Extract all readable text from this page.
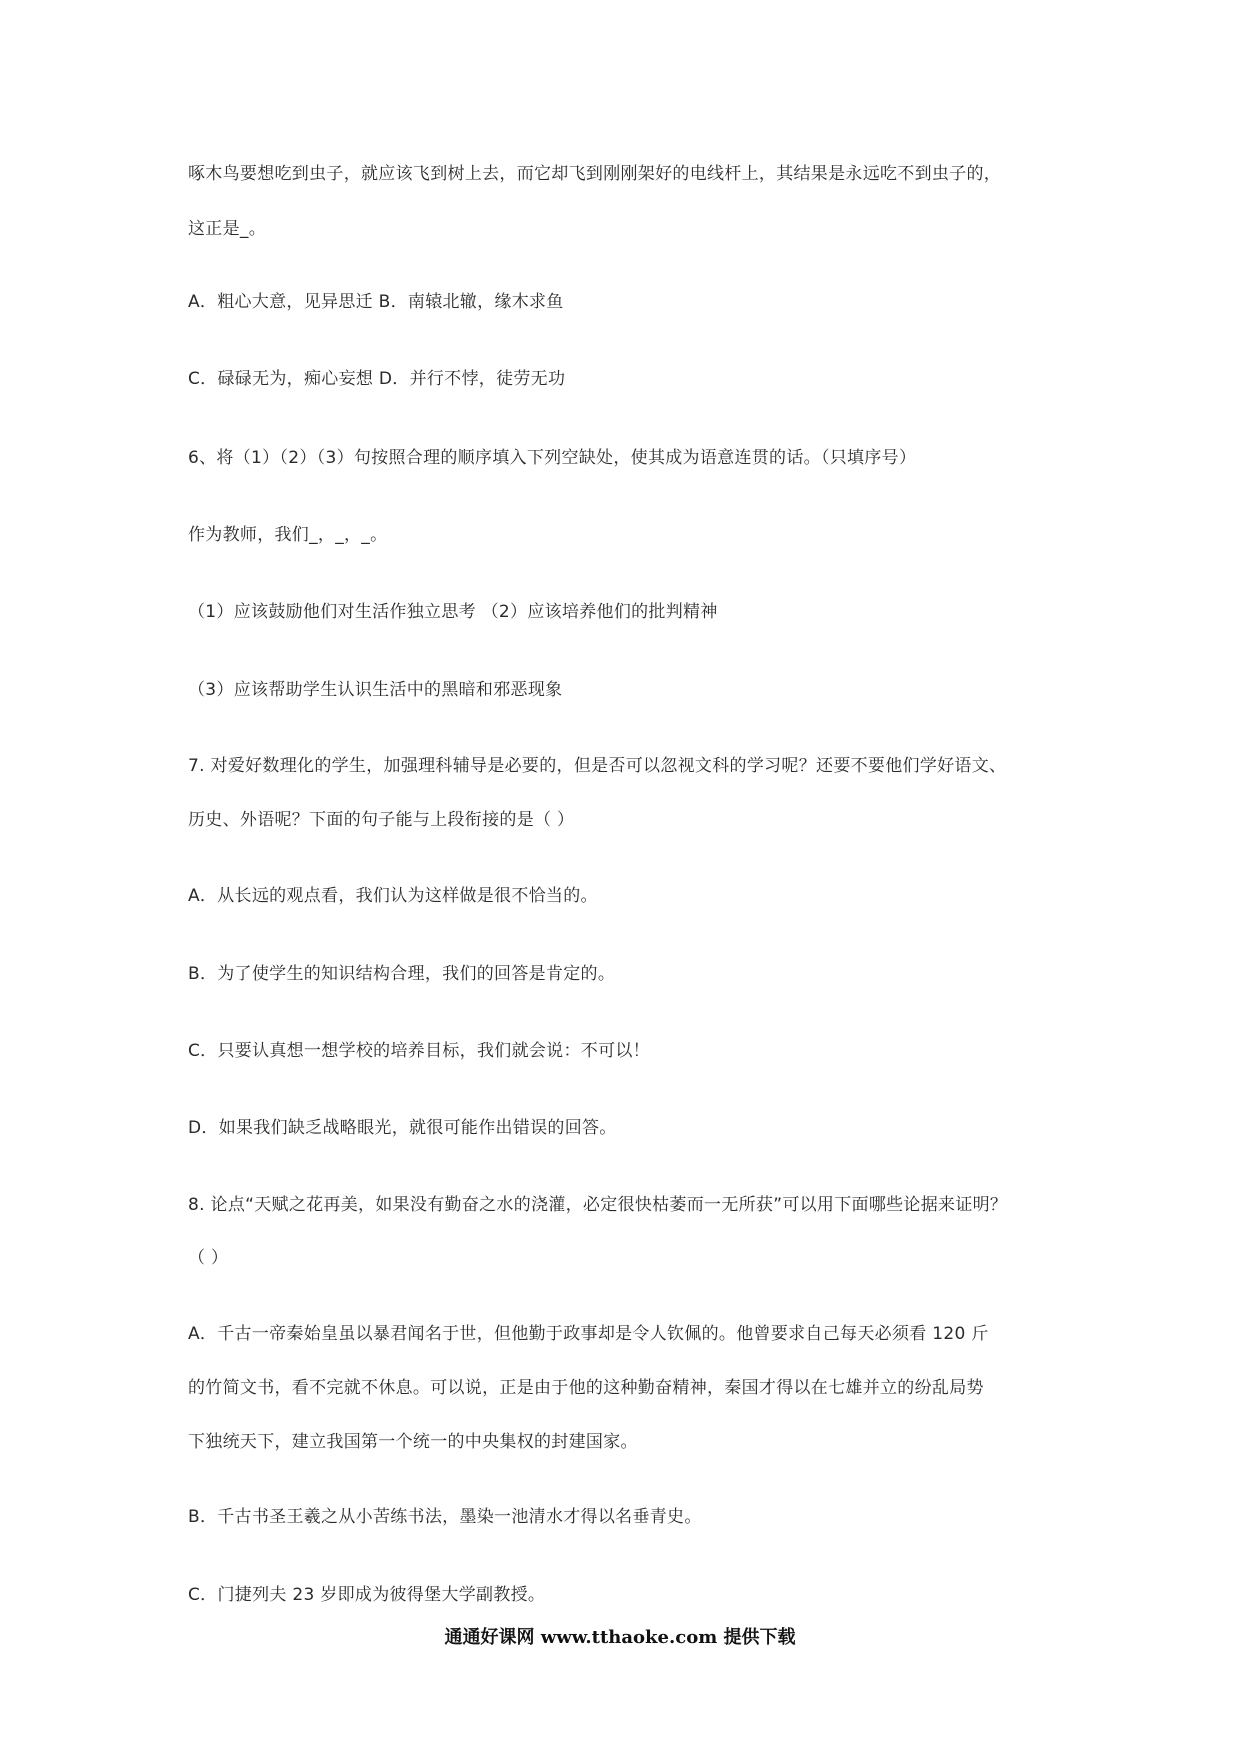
啄木鸟要想吃到虫子，就应该飞到树上去，而它却飞到刚刚架好的电线杆上，其结果是永远吃不到虫子的，
这正是_。
A．粗心大意，见异思迁 B．南辕北辙，缘木求鱼
C．碌碌无为，痴心妄想 D．并行不悖，徒劳无功
6、将（1）（2）（3）句按照合理的顺序填入下列空缺处，使其成为语意连贯的话。（只填序号）
作为教师，我们_，_，_。
（1）应该鼓励他们对生活作独立思考 （2）应该培养他们的批判精神
（3）应该帮助学生认识生活中的黑暗和邪恶现象
7. 对爱好数理化的学生，加强理科辅导是必要的，但是否可以忽视文科的学习呢？还要不要他们学好语文、
历史、外语呢？下面的句子能与上段衔接的是（ ）
A．从长远的观点看，我们认为这样做是很不恰当的。
B．为了使学生的知识结构合理，我们的回答是肯定的。
C．只要认真想一想学校的培养目标，我们就会说：不可以！
D．如果我们缺乏战略眼光，就很可能作出错误的回答。
8. 论点“天赋之花再美，如果没有勤奋之水的浇灌，必定很快枯萎而一无所获”可以用下面哪些论据来证明？
（ ）
A．千古一帝秦始皇虽以暴君闻名于世，但他勤于政事却是令人钦佩的。他曾要求自己每天必须看 120 斤
的竹简文书，看不完就不休息。可以说，正是由于他的这种勤奋精神，秦国才得以在七雄并立的纷乱局势
下独统天下，建立我国第一个统一的中央集权的封建国家。
B．千古书圣王羲之从小苦练书法，墨染一池清水才得以名垂青史。
C．门捷列夫 23 岁即成为彼得堡大学副教授。
通通好课网 www.tthaoke.com 提供下载
